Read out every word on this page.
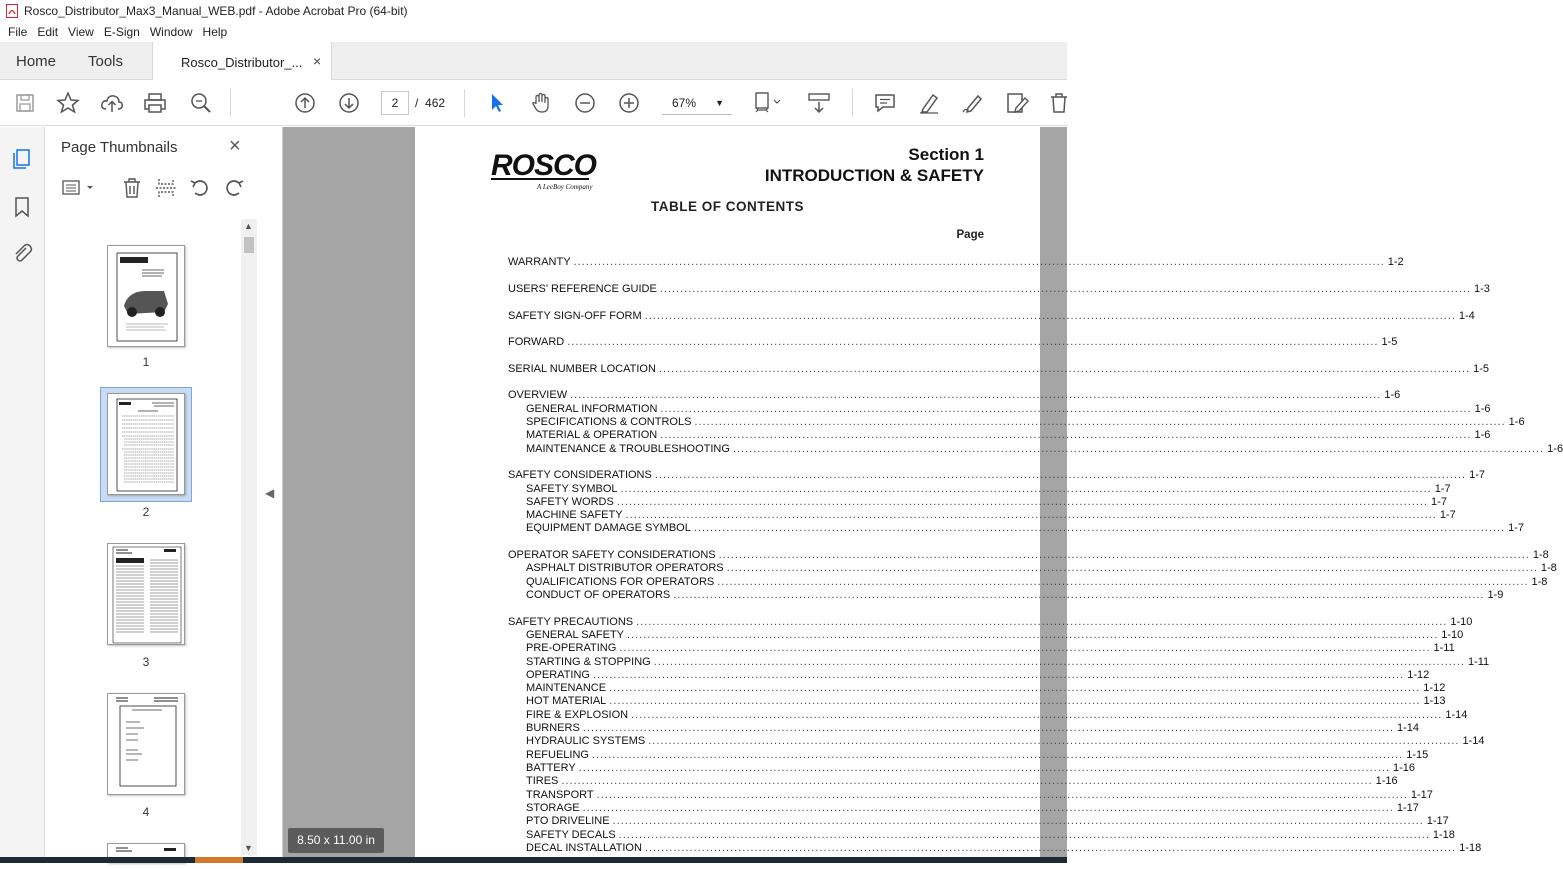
Rosco_Distributor_Max3_Manual_WEB.pdf - Adobe Acrobat Pro (64-bit)
File Edit View E-Sign Window Help
Home Tools	Rosco_Distributor_... ×
67% ▼
2	/ 462
Page Thumbnails	×
1
2
3
4
▲
▼
ROSCO
A LeeBoy Company
Section 1
INTRODUCTION & SAFETY
TABLE OF CONTENTS
Page
WARRANTY ........................................................................................................................................................................................................ 1-2
USERS' REFERENCE GUIDE ........................................................................................................................................................................................................ 1-3
SAFETY SIGN-OFF FORM ........................................................................................................................................................................................................ 1-4
FORWARD ........................................................................................................................................................................................................ 1-5
SERIAL NUMBER LOCATION ........................................................................................................................................................................................................ 1-5
OVERVIEW ........................................................................................................................................................................................................ 1-6
GENERAL INFORMATION ........................................................................................................................................................................................................ 1-6
SPECIFICATIONS & CONTROLS ........................................................................................................................................................................................................ 1-6
MATERIAL & OPERATION ........................................................................................................................................................................................................ 1-6
MAINTENANCE & TROUBLESHOOTING ........................................................................................................................................................................................................ 1-6
SAFETY CONSIDERATIONS ........................................................................................................................................................................................................ 1-7
SAFETY SYMBOL ........................................................................................................................................................................................................ 1-7
SAFETY WORDS ........................................................................................................................................................................................................ 1-7
MACHINE SAFETY ........................................................................................................................................................................................................ 1-7
EQUIPMENT DAMAGE SYMBOL ........................................................................................................................................................................................................ 1-7
OPERATOR SAFETY CONSIDERATIONS ........................................................................................................................................................................................................ 1-8
ASPHALT DISTRIBUTOR OPERATORS ........................................................................................................................................................................................................ 1-8
QUALIFICATIONS FOR OPERATORS ........................................................................................................................................................................................................ 1-8
CONDUCT OF OPERATORS ........................................................................................................................................................................................................ 1-9
SAFETY PRECAUTIONS ........................................................................................................................................................................................................ 1-10
GENERAL SAFETY ........................................................................................................................................................................................................ 1-10
PRE-OPERATING ........................................................................................................................................................................................................ 1-11
STARTING & STOPPING ........................................................................................................................................................................................................ 1-11
OPERATING ........................................................................................................................................................................................................ 1-12
MAINTENANCE ........................................................................................................................................................................................................ 1-12
HOT MATERIAL ........................................................................................................................................................................................................ 1-13
FIRE & EXPLOSION ........................................................................................................................................................................................................ 1-14
BURNERS ........................................................................................................................................................................................................ 1-14
HYDRAULIC SYSTEMS ........................................................................................................................................................................................................ 1-14
REFUELING ........................................................................................................................................................................................................ 1-15
BATTERY ........................................................................................................................................................................................................ 1-16
TIRES ........................................................................................................................................................................................................ 1-16
TRANSPORT ........................................................................................................................................................................................................ 1-17
STORAGE ........................................................................................................................................................................................................ 1-17
PTO DRIVELINE ........................................................................................................................................................................................................ 1-17
SAFETY DECALS ........................................................................................................................................................................................................ 1-18
DECAL INSTALLATION ........................................................................................................................................................................................................ 1-18
◀
8.50 x 11.00 in
